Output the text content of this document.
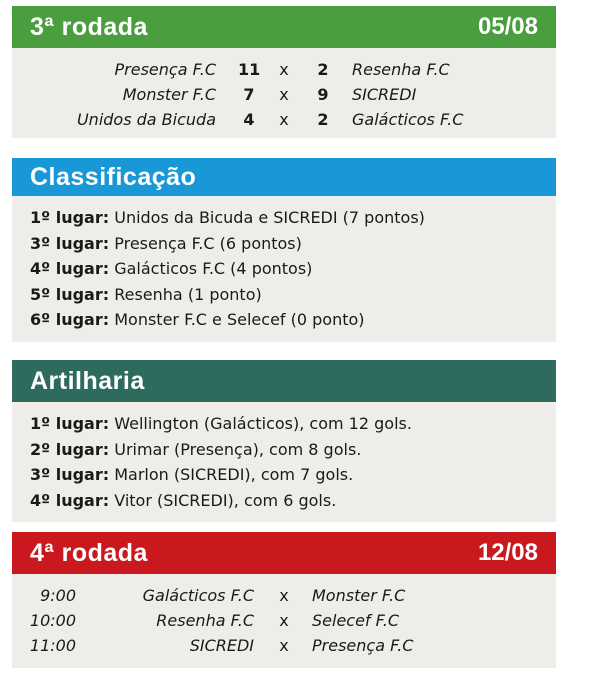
3ª rodada	05/08
Presença F.C 11 x	2	Resenha F.C
Monster F.C	7	x	9	SICREDI
Unidos da Bicuda	4	x	2	Galácticos F.C
Classificação
1º lugar: Unidos da Bicuda e SICREDI (7 pontos)
3º lugar: Presença F.C (6 pontos)
4º lugar: Galácticos F.C (4 pontos)
5º lugar: Resenha (1 ponto)
6º lugar: Monster F.C e Selecef (0 ponto)
Artilharia
1º lugar: Wellington (Galácticos), com 12 gols.
2º lugar: Urimar (Presença), com 8 gols.
3º lugar: Marlon (SICREDI), com 7 gols.
4º lugar: Vitor (SICREDI), com 6 gols.
4ª rodada	12/08
9:00	Galácticos F.C x Monster F.C
10:00	Resenha F.C x Selecef F.C
11:00	SICREDI x Presença F.C
